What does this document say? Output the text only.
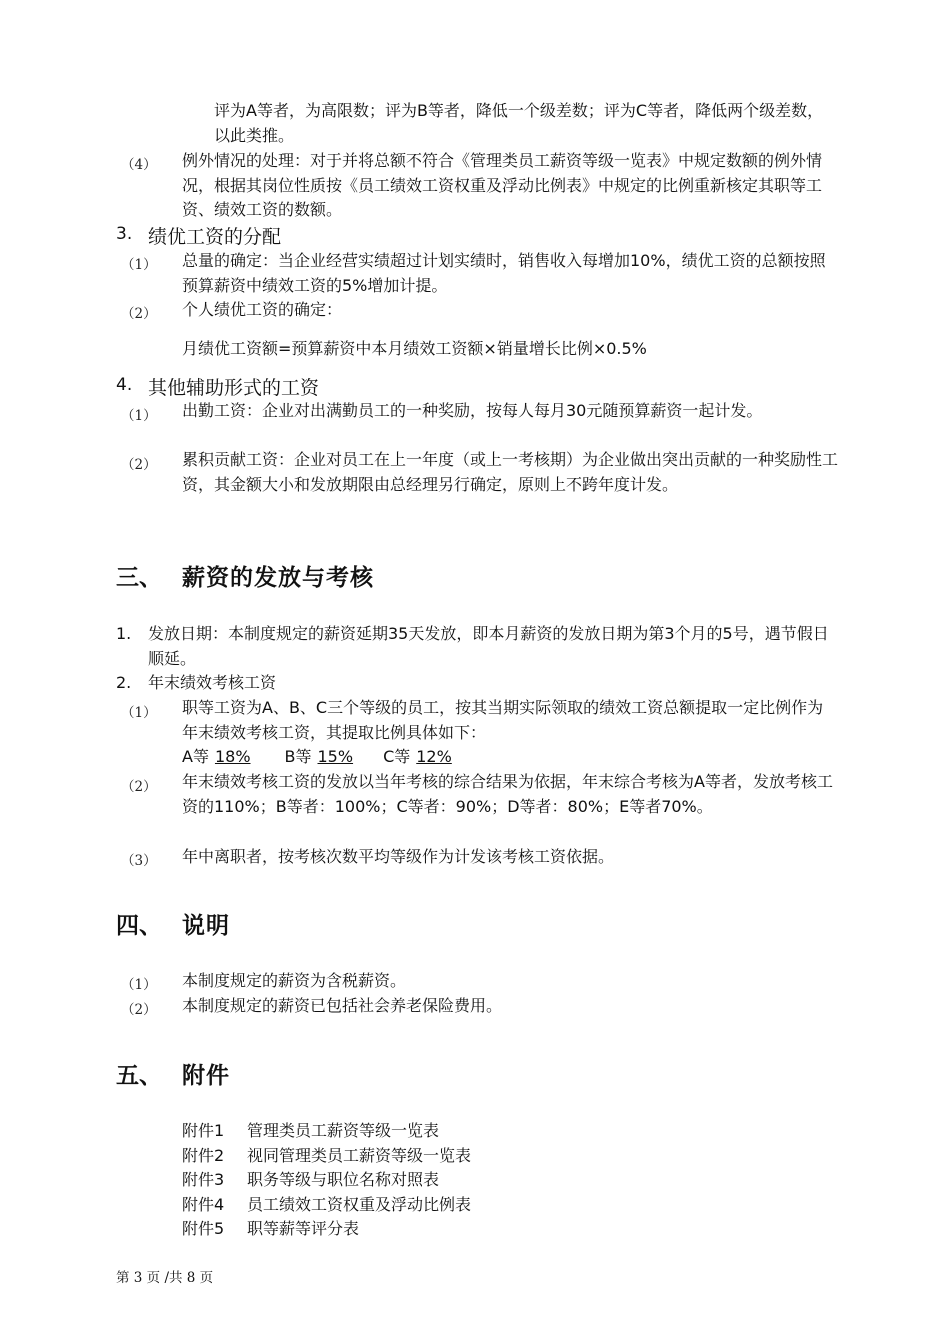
评为A等者，为高限数；评为B等者，降低一个级差数；评为C等者，降低两个级差数，以此类推。
（4） 例外情况的处理：对于并将总额不符合《管理类员工薪资等级一览表》中规定数额的例外情况，根据其岗位性质按《员工绩效工资权重及浮动比例表》中规定的比例重新核定其职等工资、绩效工资的数额。
3. 绩优工资的分配
（1） 总量的确定：当企业经营实绩超过计划实绩时，销售收入每增加10%，绩优工资的总额按照预算薪资中绩效工资的5%增加计提。
（2） 个人绩优工资的确定：
月绩优工资额=预算薪资中本月绩效工资额×销量增长比例×0.5%
4. 其他辅助形式的工资
（1） 出勤工资：企业对出满勤员工的一种奖励，按每人每月30元随预算薪资一起计发。
（2） 累积贡献工资：企业对员工在上一年度（或上一考核期）为企业做出突出贡献的一种奖励性工资，其金额大小和发放期限由总经理另行确定，原则上不跨年度计发。
三、 薪资的发放与考核
1. 发放日期：本制度规定的薪资延期35天发放，即本月薪资的发放日期为第3个月的5号，遇节假日顺延。
2. 年末绩效考核工资
（1） 职等工资为A、B、C三个等级的员工，按其当期实际领取的绩效工资总额提取一定比例作为年末绩效考核工资，其提取比例具体如下：
A等 18% B等 15% C等 12%
（2） 年末绩效考核工资的发放以当年考核的综合结果为依据，年末综合考核为A等者，发放考核工资的110%；B等者：100%；C等者：90%；D等者：80%；E等者70%。
（3） 年中离职者，按考核次数平均等级作为计发该考核工资依据。
四、 说明
（1） 本制度规定的薪资为含税薪资。
（2） 本制度规定的薪资已包括社会养老保险费用。
五、 附件
附件1 管理类员工薪资等级一览表
附件2 视同管理类员工薪资等级一览表
附件3 职务等级与职位名称对照表
附件4 员工绩效工资权重及浮动比例表
附件5 职等薪等评分表
第 3 页 /共 8 页
